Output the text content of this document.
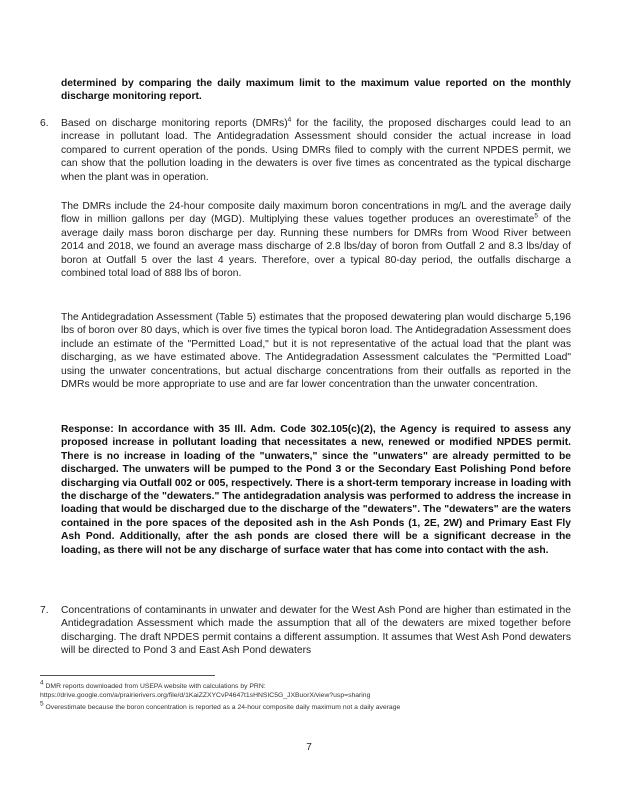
determined by comparing the daily maximum limit to the maximum value reported on the monthly discharge monitoring report.
6. Based on discharge monitoring reports (DMRs)$^4$ for the facility, the proposed discharges could lead to an increase in pollutant load. The Antidegradation Assessment should consider the actual increase in load compared to current operation of the ponds. Using DMRs filed to comply with the current NPDES permit, we can show that the pollution loading in the dewaters is over five times as concentrated as the typical discharge when the plant was in operation.
The DMRs include the 24-hour composite daily maximum boron concentrations in mg/L and the average daily flow in million gallons per day (MGD). Multiplying these values together produces an overestimate$^5$ of the average daily mass boron discharge per day. Running these numbers for DMRs from Wood River between 2014 and 2018, we found an average mass discharge of 2.8 lbs/day of boron from Outfall 2 and 8.3 lbs/day of boron at Outfall 5 over the last 4 years. Therefore, over a typical 80-day period, the outfalls discharge a combined total load of 888 lbs of boron.
The Antidegradation Assessment (Table 5) estimates that the proposed dewatering plan would discharge 5,196 lbs of boron over 80 days, which is over five times the typical boron load. The Antidegradation Assessment does include an estimate of the "Permitted Load," but it is not representative of the actual load that the plant was discharging, as we have estimated above. The Antidegradation Assessment calculates the "Permitted Load" using the unwater concentrations, but actual discharge concentrations from their outfalls as reported in the DMRs would be more appropriate to use and are far lower concentration than the unwater concentration.
Response: In accordance with 35 Ill. Adm. Code 302.105(c)(2), the Agency is required to assess any proposed increase in pollutant loading that necessitates a new, renewed or modified NPDES permit. There is no increase in loading of the "unwaters," since the "unwaters" are already permitted to be discharged. The unwaters will be pumped to the Pond 3 or the Secondary East Polishing Pond before discharging via Outfall 002 or 005, respectively. There is a short-term temporary increase in loading with the discharge of the "dewaters." The antidegradation analysis was performed to address the increase in loading that would be discharged due to the discharge of the "dewaters". The "dewaters" are the waters contained in the pore spaces of the deposited ash in the Ash Ponds (1, 2E, 2W) and Primary East Fly Ash Pond. Additionally, after the ash ponds are closed there will be a significant decrease in the loading, as there will not be any discharge of surface water that has come into contact with the ash.
7. Concentrations of contaminants in unwater and dewater for the West Ash Pond are higher than estimated in the Antidegradation Assessment which made the assumption that all of the dewaters are mixed together before discharging. The draft NPDES permit contains a different assumption. It assumes that West Ash Pond dewaters will be directed to Pond 3 and East Ash Pond dewaters
$^4$ DMR reports downloaded from USEPA website with calculations by PRN:
https://drive.google.com/a/prairierivers.org/file/d/1KaiZZXYCvP4647t1sHNSIC5G_JXBuorX/view?usp=sharing
$^5$ Overestimate because the boron concentration is reported as a 24-hour composite daily maximum not a daily average
7
